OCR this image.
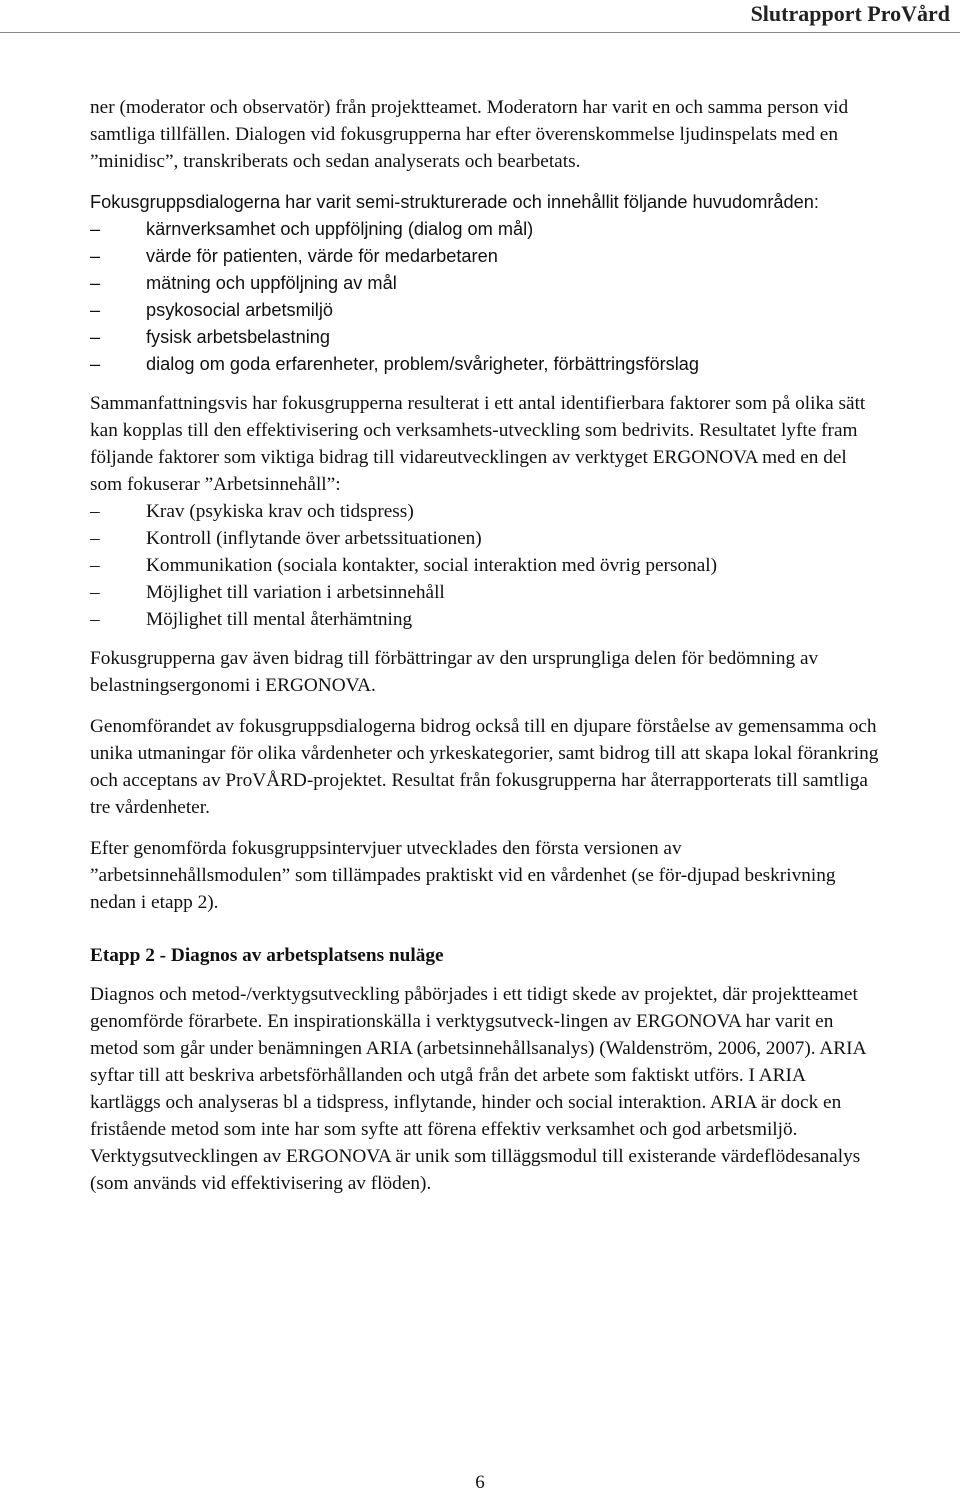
Slutrapport ProVård

ner (moderator och observatör) från projektteamet. Moderatorn har varit en och samma person vid samtliga tillfällen. Dialogen vid fokusgrupperna har efter överenskommelse ljudinspelats med en ”minidisc”, transkriberats och sedan analyserats och bearbetats.

Fokusgruppsdialogerna har varit semi-strukturerade och innehållit följande huvudområden:

–	kärnverksamhet och uppföljning (dialog om mål)
–	värde för patienten, värde för medarbetaren
–	mätning och uppföljning av mål
–	psykosocial arbetsmiljö
–	fysisk arbetsbelastning
–	dialog om goda erfarenheter, problem/svårigheter, förbättringsförslag

Sammanfattningsvis har fokusgrupperna resulterat i ett antal identifierbara faktorer som på olika sätt kan kopplas till den effektivisering och verksamhets-utveckling som bedrivits. Resultatet lyfte fram följande faktorer som viktiga bidrag till vidareutvecklingen av verktyget ERGONOVA med en del som fokuserar ”Arbetsinnehåll”:

–	Krav (psykiska krav och tidspress)
–	Kontroll (inflytande över arbetssituationen)
–	Kommunikation (sociala kontakter, social interaktion med övrig personal)
–	Möjlighet till variation i arbetsinnehåll
–	Möjlighet till mental återhämtning

Fokusgrupperna gav även bidrag till förbättringar av den ursprungliga delen för bedömning av belastningsergonomi i ERGONOVA.

Genomförandet av fokusgruppsdialogerna bidrog också till en djupare förståelse av gemensamma och unika utmaningar för olika vårdenheter och yrkeskategorier, samt bidrog till att skapa lokal förankring och acceptans av ProVÅRD-projektet. Resultat från fokusgrupperna har återrapporterats till samtliga tre vårdenheter.

Efter genomförda fokusgruppsintervjuer utvecklades den första versionen av ”arbetsinnehållsmodulen” som tillämpades praktiskt vid en vårdenhet (se för-djupad beskrivning nedan i etapp 2).

Etapp 2 - Diagnos av arbetsplatsens nuläge

Diagnos och metod-/verktygsutveckling påbörjades i ett tidigt skede av projektet, där projektteamet genomförde förarbete. En inspirationskälla i verktygsutveck-lingen av ERGONOVA har varit en metod som går under benämningen ARIA (arbetsinnehållsanalys) (Waldenström, 2006, 2007). ARIA syftar till att beskriva arbetsförhållanden och utgå från det arbete som faktiskt utförs. I ARIA kartläggs och analyseras bl a tidspress, inflytande, hinder och social interaktion. ARIA är dock en fristående metod som inte har som syfte att förena effektiv verksamhet och god arbetsmiljö. Verktygsutvecklingen av ERGONOVA är unik som tilläggsmodul till existerande värdeflödesanalys (som används vid effektivisering av flöden).

6
